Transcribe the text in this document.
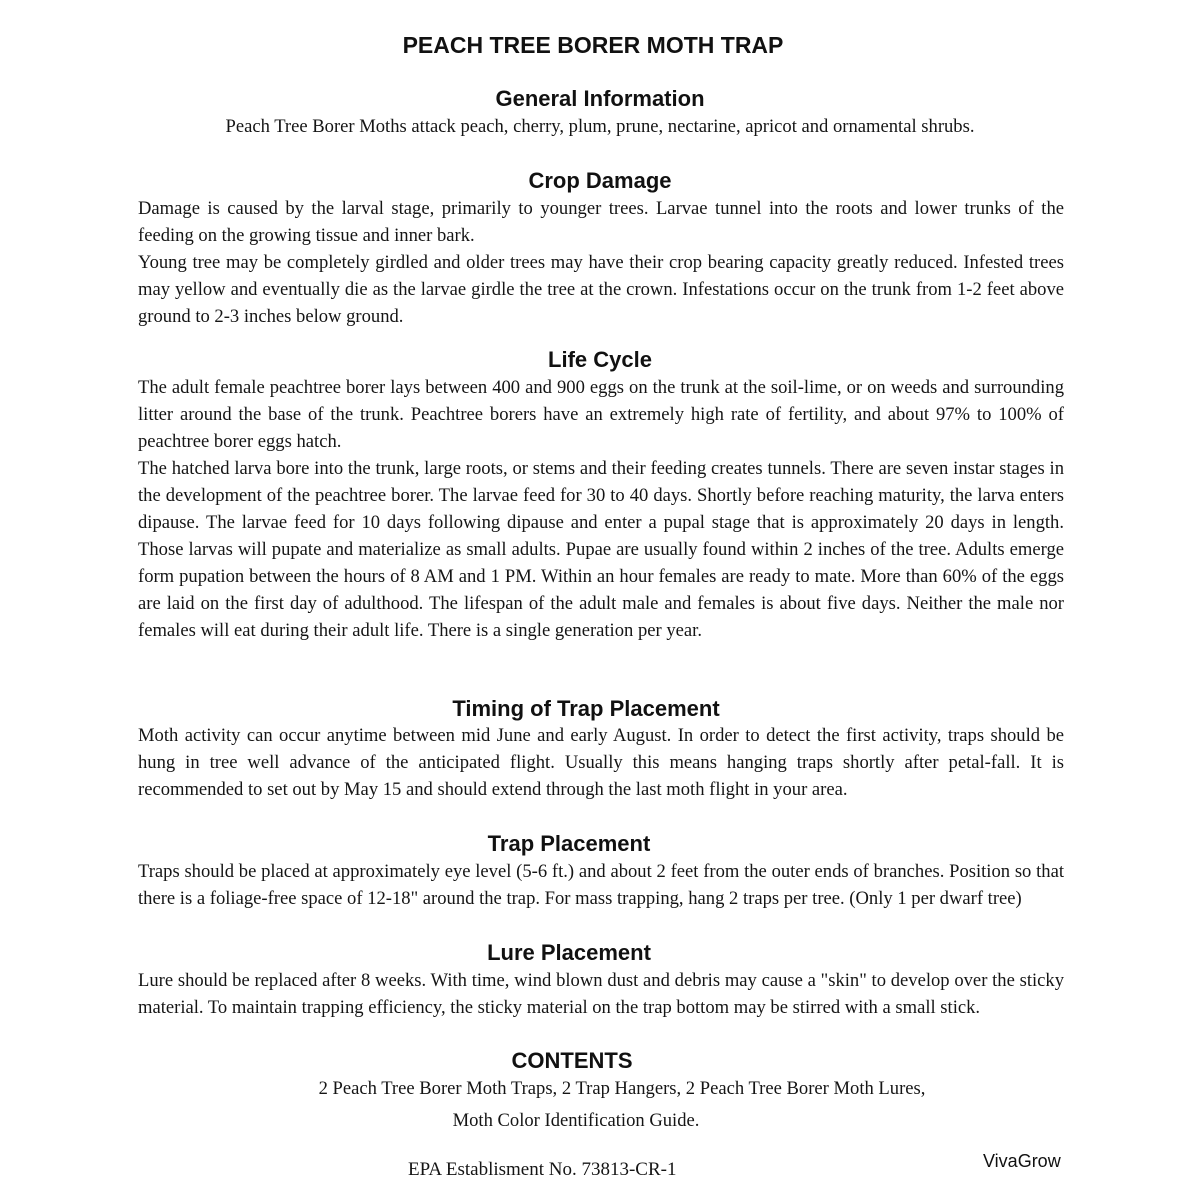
PEACH TREE BORER MOTH TRAP
General Information
Peach Tree Borer Moths attack peach, cherry, plum, prune, nectarine, apricot and ornamental shrubs.
Crop Damage

Damage is caused by the larval stage, primarily to younger trees. Larvae tunnel into the roots and lower trunks of the feeding on the growing tissue and inner bark.

Young tree may be completely girdled and older trees may have their crop bearing capacity greatly reduced. Infested trees may yellow and eventually die as the larvae girdle the tree at the crown. Infestations occur on the trunk from 1-2 feet above ground to 2-3 inches below ground.

Life Cycle

The adult female peachtree borer lays between 400 and 900 eggs on the trunk at the soil-lime, or on weeds and surrounding litter around the base of the trunk. Peachtree borers have an extremely high rate of fertility, and about 97% to 100% of peachtree borer eggs hatch.

The hatched larva bore into the trunk, large roots, or stems and their feeding creates tunnels. There are seven instar stages in the development of the peachtree borer. The larvae feed for 30 to 40 days. Shortly before reaching maturity, the larva enters dipause. The larvae feed for 10 days following dipause and enter a pupal stage that is approximately 20 days in length. Those larvas will pupate and materialize as small adults. Pupae are usually found within 2 inches of the tree. Adults emerge form pupation between the hours of 8 AM and 1 PM. Within an hour females are ready to mate. More than 60% of the eggs are laid on the first day of adulthood. The lifespan of the adult male and females is about five days. Neither the male nor females will eat during their adult life. There is a single generation per year.

Timing of Trap Placement
Moth activity can occur anytime between mid June and early August. In order to detect the first activity, traps should be hung in tree well advance of the anticipated flight. Usually this means hanging traps shortly after petal-fall. It is recommended to set out by May 15 and should extend through the last moth flight in your area.
Trap Placement
Traps should be placed at approximately eye level (5-6 ft.) and about 2 feet from the outer ends of branches. Position so that there is a foliage-free space of 12-18" around the trap. For mass trapping, hang 2 traps per tree. (Only 1 per dwarf tree)
Lure Placement
Lure should be replaced after 8 weeks. With time, wind blown dust and debris may cause a "skin" to develop over the sticky material. To maintain trapping efficiency, the sticky material on the trap bottom may be stirred with a small stick.
CONTENTS
2 Peach Tree Borer Moth Traps, 2 Trap Hangers, 2 Peach Tree Borer Moth Lures,
Moth Color Identification Guide.
EPA Establisment No. 73813-CR-1	VivaGrow
